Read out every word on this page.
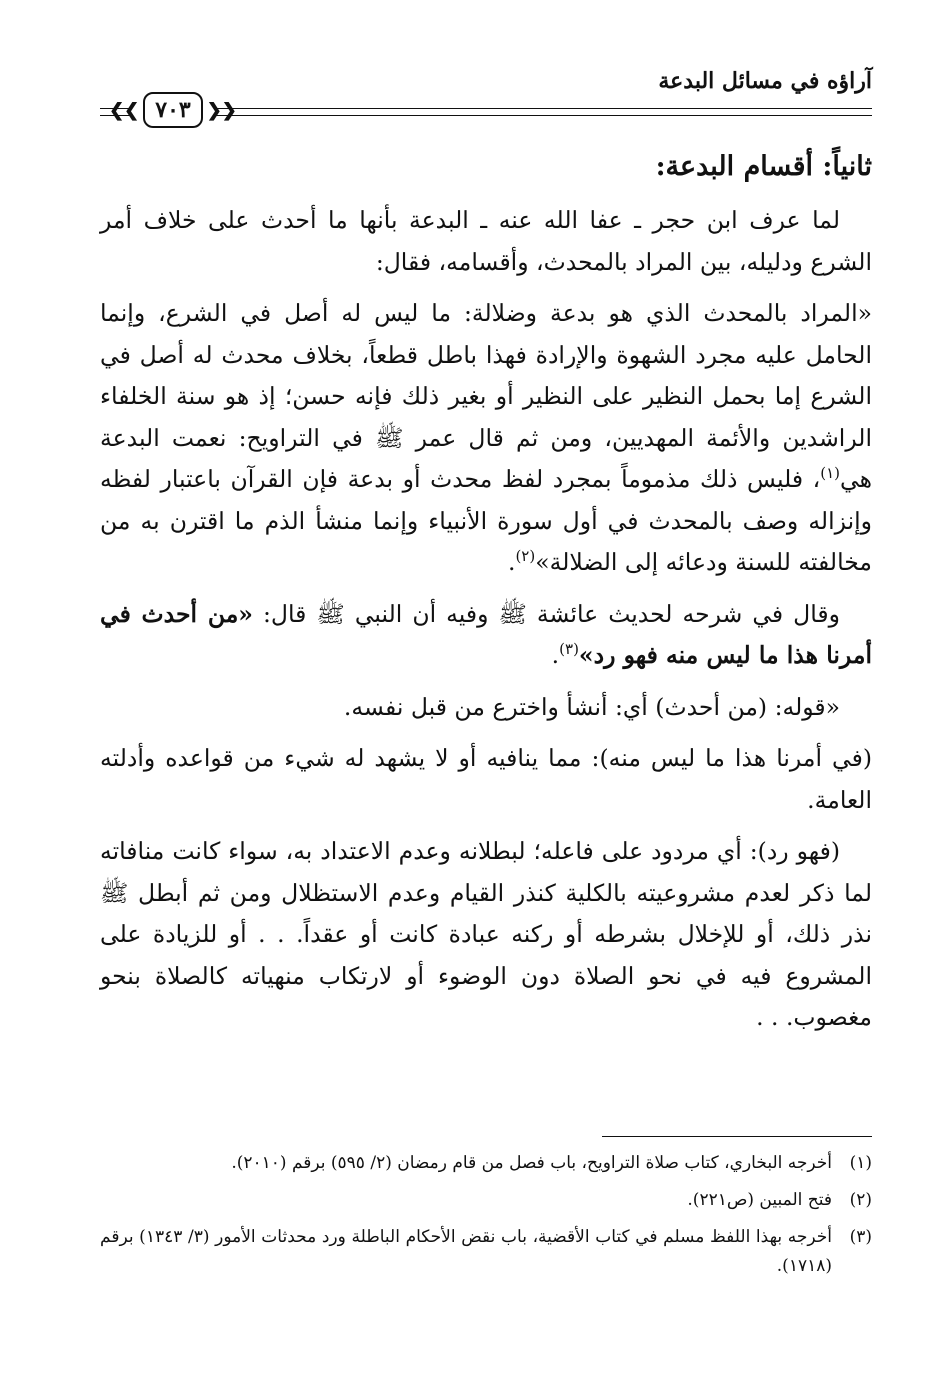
آراؤه في مسائل البدعة
❮❮
٧٠٣
❯❯
ثانياً: أقسام البدعة:

لما عرف ابن حجر ـ عفا الله عنه ـ البدعة بأنها ما أحدث على خلاف أمر الشرع ودليله، بين المراد بالمحدث، وأقسامه، فقال:

«المراد بالمحدث الذي هو بدعة وضلالة: ما ليس له أصل في الشرع، وإنما الحامل عليه مجرد الشهوة والإرادة فهذا باطل قطعاً، بخلاف محدث له أصل في الشرع إما بحمل النظير على النظير أو بغير ذلك فإنه حسن؛ إذ هو سنة الخلفاء الراشدين والأئمة المهديين، ومن ثم قال عمر ﷺ في التراويح: نعمت البدعة هي$^{(١)}$، فليس ذلك مذموماً بمجرد لفظ محدث أو بدعة فإن القرآن باعتبار لفظه وإنزاله وصف بالمحدث في أول سورة الأنبياء وإنما منشأ الذم ما اقترن به من مخالفته للسنة ودعائه إلى الضلالة»$^{(٢)}$.

وقال في شرحه لحديث عائشة ﷺ وفيه أن النبي ﷺ قال: «من أحدث في أمرنا هذا ما ليس منه فهو رد»$^{(٣)}$.

«قوله: (من أحدث) أي: أنشأ واخترع من قبل نفسه.

(في أمرنا هذا ما ليس منه): مما ينافيه أو لا يشهد له شيء من قواعده وأدلته العامة.

(فهو رد): أي مردود على فاعله؛ لبطلانه وعدم الاعتداد به، سواء كانت منافاته لما ذكر لعدم مشروعيته بالكلية كنذر القيام وعدم الاستظلال ومن ثم أبطل ﷺ نذر ذلك، أو للإخلال بشرطه أو ركنه عبادة كانت أو عقداً. . . أو للزيادة على المشروع فيه في نحو الصلاة دون الوضوء أو لارتكاب منهياته كالصلاة بنحو مغصوب. . .

(١)
أخرجه البخاري، كتاب صلاة التراويح، باب فصل من قام رمضان (٢/ ٥٩٥) برقم (٢٠١٠).
(٢)
فتح المبين (ص٢٢١).
(٣)
أخرجه بهذا اللفظ مسلم في كتاب الأقضية، باب نقض الأحكام الباطلة ورد محدثات الأمور (٣/ ١٣٤٣) برقم (١٧١٨).
